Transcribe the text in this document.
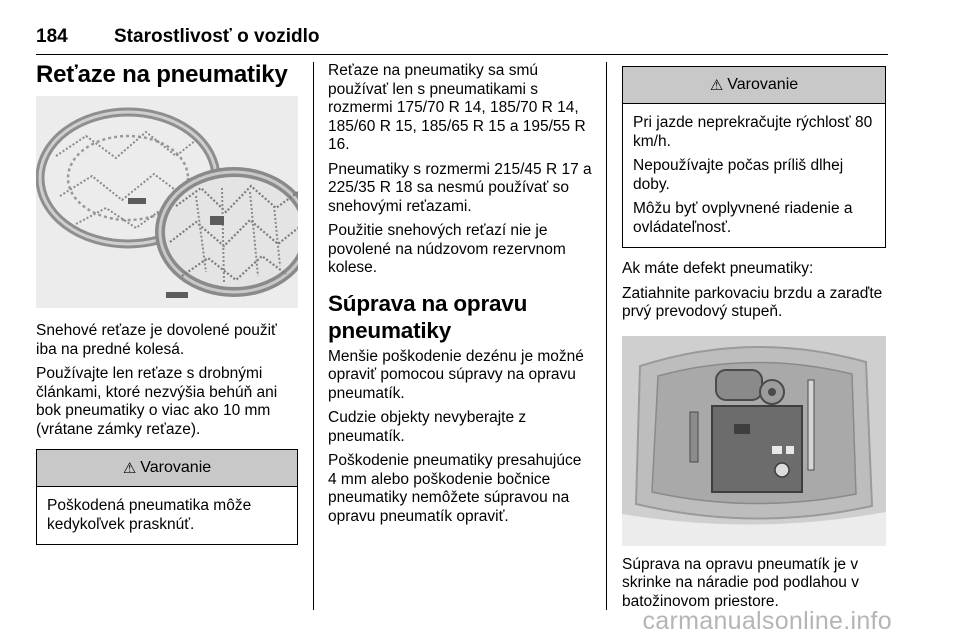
184 Starostlivosť o vozidlo
Reťaze na pneumatiky

Snehové reťaze je dovolené použiť iba na predné kolesá.

Používajte len reťaze s drobnými článkami, ktoré nezvýšia behúň ani bok pneumatiky o viac ako 10 mm (vrátane zámky reťaze).

⚠ Varovanie

Poškodená pneumatika môže kedykoľvek prasknúť.

Reťaze na pneumatiky sa smú používať len s pneumatikami s rozmermi 175/70 R 14, 185/70 R 14, 185/60 R 15, 185/65 R 15 a 195/55 R 16.

Pneumatiky s rozmermi 215/45 R 17 a 225/35 R 18 sa nesmú používať so snehovými reťazami.

Použitie snehových reťazí nie je povolené na núdzovom rezervnom kolese.

Súprava na opravu pneumatiky

Menšie poškodenie dezénu je možné opraviť pomocou súpravy na opravu pneumatík.

Cudzie objekty nevyberajte z pneumatík.

Poškodenie pneumatiky presahujúce 4 mm alebo poškodenie bočnice pneumatiky nemôžete súpravou na opravu pneumatík opraviť.

⚠ Varovanie

Pri jazde neprekračujte rýchlosť 80 km/h.

Nepoužívajte počas príliš dlhej doby.

Môžu byť ovplyvnené riadenie a ovládateľnosť.

Ak máte defekt pneumatiky:

Zatiahnite parkovaciu brzdu a zaraďte prvý prevodový stupeň.

Súprava na opravu pneumatík je v skrinke na náradie pod podlahou v batožinovom priestore.

carmanualsonline.info
